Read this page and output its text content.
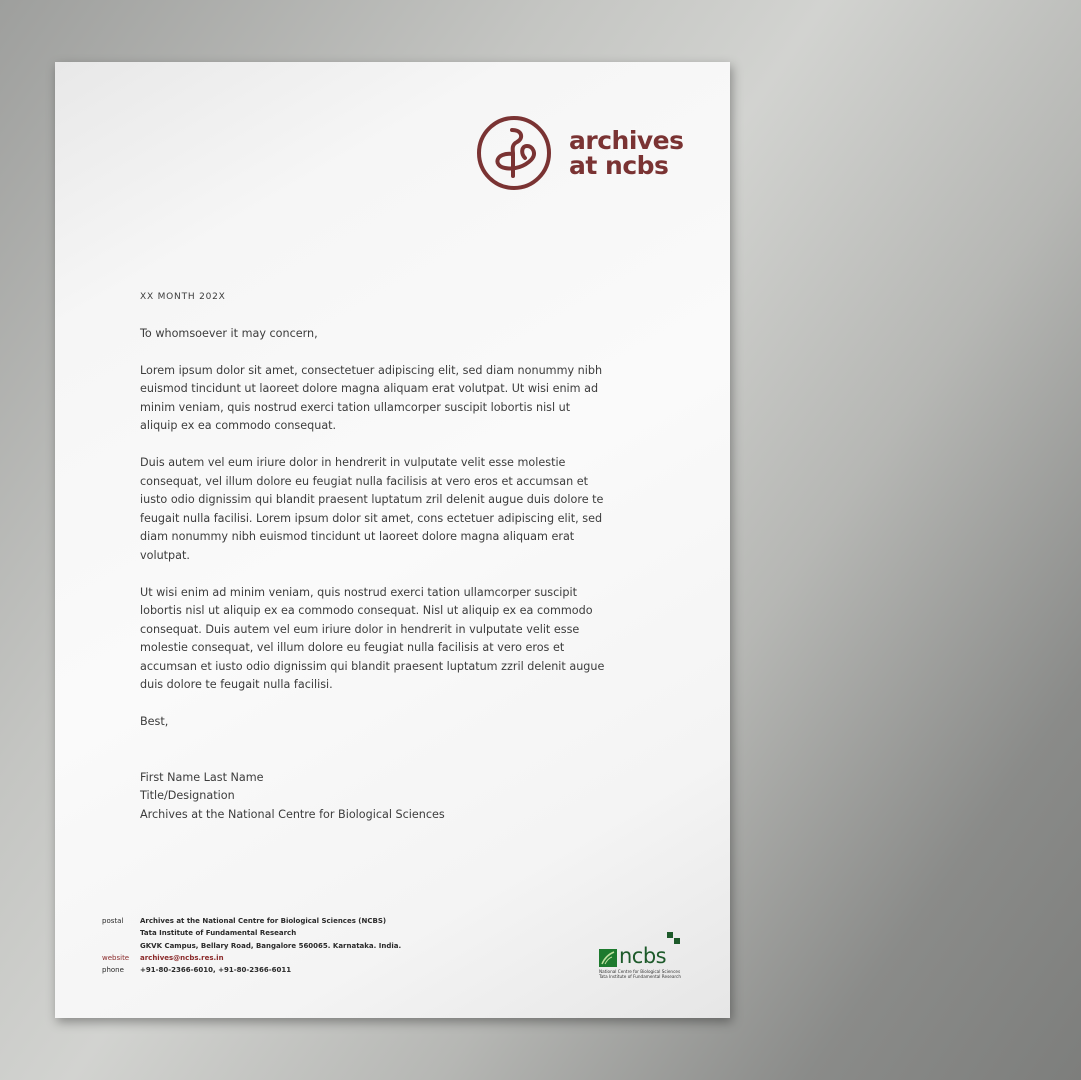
archives
at ncbs
XX MONTH 202X

To whomsoever it may concern,

Lorem ipsum dolor sit amet, consectetuer adipiscing elit, sed diam nonummy nibh euismod tincidunt ut laoreet dolore magna aliquam erat volutpat. Ut wisi enim ad minim veniam, quis nostrud exerci tation ullamcorper suscipit lobortis nisl ut aliquip ex ea commodo consequat.

Duis autem vel eum iriure dolor in hendrerit in vulputate velit esse molestie consequat, vel illum dolore eu feugiat nulla facilisis at vero eros et accumsan et iusto odio dignissim qui blandit praesent luptatum zril delenit augue duis dolore te feugait nulla facilisi. Lorem ipsum dolor sit amet, cons ectetuer adipiscing elit, sed diam nonummy nibh euismod tincidunt ut laoreet dolore magna aliquam erat volutpat.

Ut wisi enim ad minim veniam, quis nostrud exerci tation ullamcorper suscipit lobortis nisl ut aliquip ex ea commodo consequat. Nisl ut aliquip ex ea commodo consequat. Duis autem vel eum iriure dolor in hendrerit in vulputate velit esse molestie consequat, vel illum dolore eu feugiat nulla facilisis at vero eros et accumsan et iusto odio dignissim qui blandit praesent luptatum zzril delenit augue duis dolore te feugait nulla facilisi.

Best,
First Name Last Name
Title/Designation
Archives at the National Centre for Biological Sciences
postal	Archives at the National Centre for Biological Sciences (NCBS)
Tata Institute of Fundamental Research
GKVK Campus, Bellary Road, Bangalore 560065. Karnataka. India.
website	archives@ncbs.res.in
phone	+91-80-2366-6010, +91-80-2366-6011
ncbs
National Centre for Biological Sciences
Tata Institute of Fundamental Research
